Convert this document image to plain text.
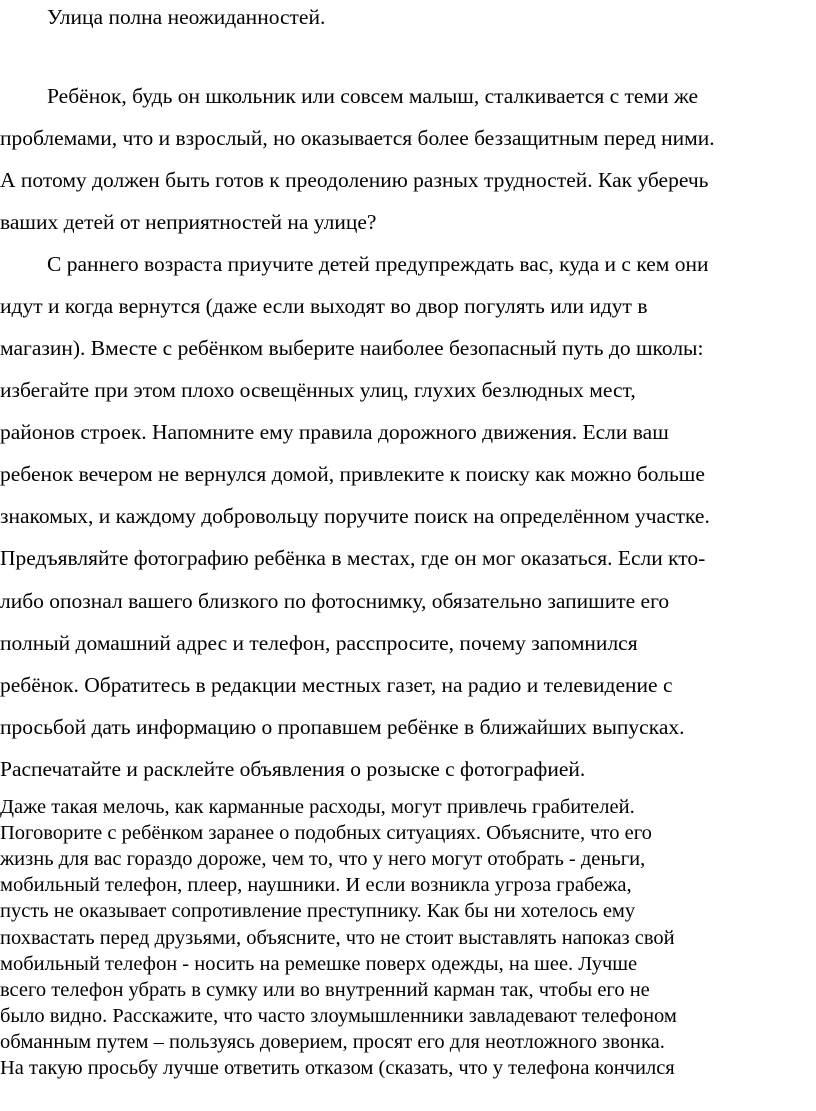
Улица полна неожиданностей.
Ребёнок, будь он школьник или совсем малыш, сталкивается с теми же
проблемами, что и взрослый, но оказывается более беззащитным перед ними.
А потому должен быть готов к преодолению разных трудностей. Как уберечь
ваших детей от неприятностей на улице?
С раннего возраста приучите детей предупреждать вас, куда и с кем они
идут и когда вернутся (даже если выходят во двор погулять или идут в
магазин). Вместе с ребёнком выберите наиболее безопасный путь до школы:
избегайте при этом плохо освещённых улиц, глухих безлюдных мест,
районов строек. Напомните ему правила дорожного движения. Если ваш
ребенок вечером не вернулся домой, привлеките к поиску как можно больше
знакомых, и каждому добровольцу поручите поиск на определённом участке.
Предъявляйте фотографию ребёнка в местах, где он мог оказаться. Если кто-
либо опознал вашего близкого по фотоснимку, обязательно запишите его
полный домашний адрес и телефон, расспросите, почему запомнился
ребёнок. Обратитесь в редакции местных газет, на радио и телевидение с
просьбой дать информацию о пропавшем ребёнке в ближайших выпусках.
Распечатайте и расклейте объявления о розыске с фотографией.
Даже такая мелочь, как карманные расходы, могут привлечь грабителей.
Поговорите с ребёнком заранее о подобных ситуациях. Объясните, что его
жизнь для вас гораздо дороже, чем то, что у него могут отобрать - деньги,
мобильный телефон, плеер, наушники. И если возникла угроза грабежа,
пусть не оказывает сопротивление преступнику. Как бы ни хотелось ему
похвастать перед друзьями, объясните, что не стоит выставлять напоказ свой
мобильный телефон - носить на ремешке поверх одежды, на шее. Лучше
всего телефон убрать в сумку или во внутренний карман так, чтобы его не
было видно. Расскажите, что часто злоумышленники завладевают телефоном
обманным путем – пользуясь доверием, просят его для неотложного звонка.
На такую просьбу лучше ответить отказом (сказать, что у телефона кончился
